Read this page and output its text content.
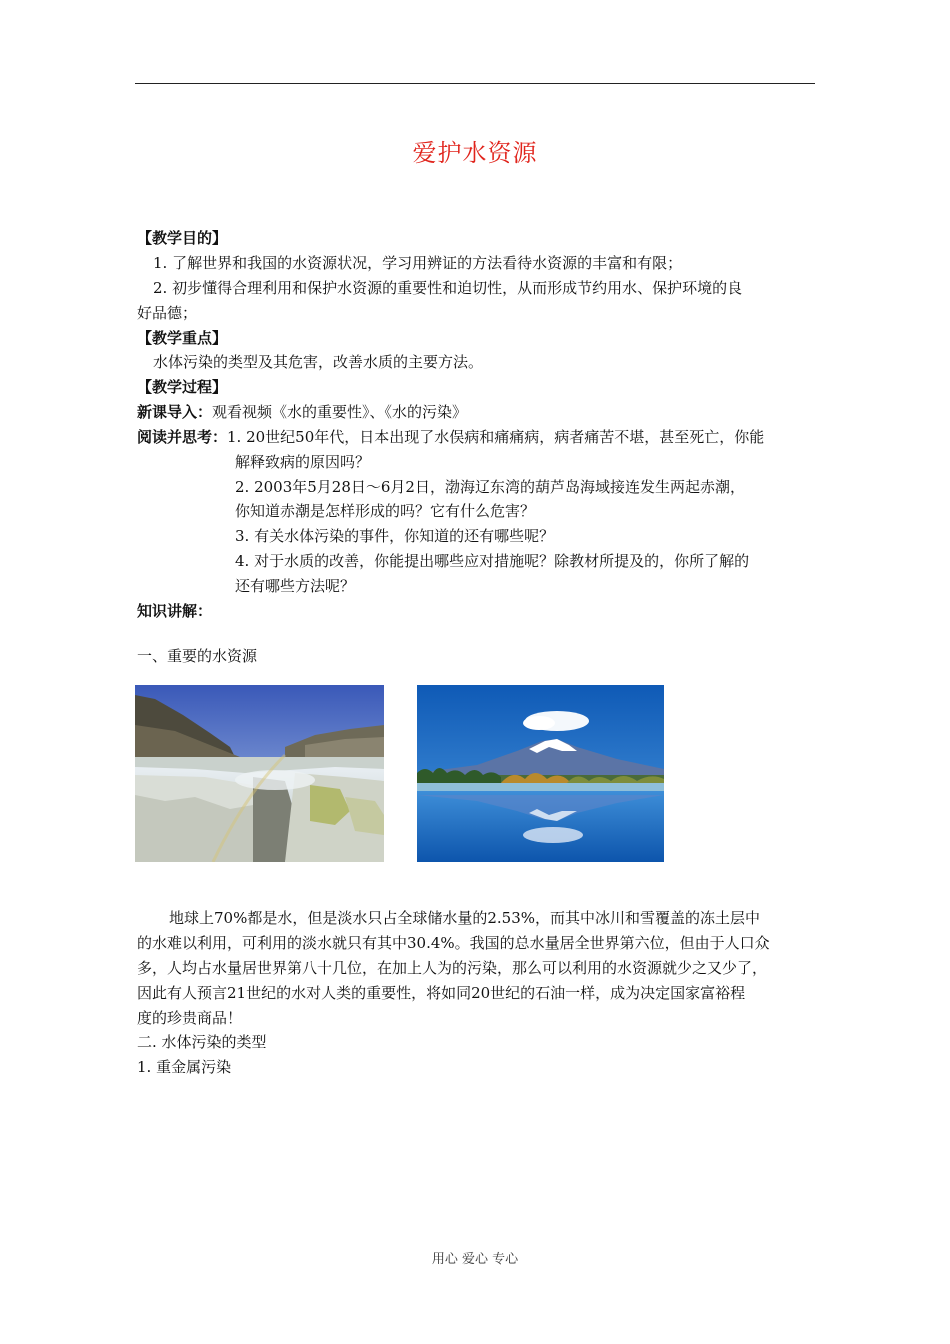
爱护水资源
【教学目的】
1. 了解世界和我国的水资源状况，学习用辨证的方法看待水资源的丰富和有限；
2. 初步懂得合理利用和保护水资源的重要性和迫切性，从而形成节约用水、保护环境的良
好品德；
【教学重点】
水体污染的类型及其危害，改善水质的主要方法。
【教学过程】
新课导入：观看视频《水的重要性》、《水的污染》
阅读并思考：1. 20世纪50年代，日本出现了水俣病和痛痛病，病者痛苦不堪，甚至死亡，你能
解释致病的原因吗？
2. 2003年5月28日～6月2日，渤海辽东湾的葫芦岛海域接连发生两起赤潮，
你知道赤潮是怎样形成的吗？它有什么危害？
3. 有关水体污染的事件，你知道的还有哪些呢？
4. 对于水质的改善，你能提出哪些应对措施呢？除教材所提及的，你所了解的
还有哪些方法呢？
知识讲解：
一、重要的水资源
地球上70%都是水，但是淡水只占全球储水量的2.53%，而其中冰川和雪覆盖的冻土层中
的水难以利用，可利用的淡水就只有其中30.4%。我国的总水量居全世界第六位，但由于人口众
多，人均占水量居世界第八十几位，在加上人为的污染，那么可以利用的水资源就少之又少了，
因此有人预言21世纪的水对人类的重要性，将如同20世纪的石油一样，成为决定国家富裕程
度的珍贵商品！
二. 水体污染的类型
1. 重金属污染
用心 爱心 专心
